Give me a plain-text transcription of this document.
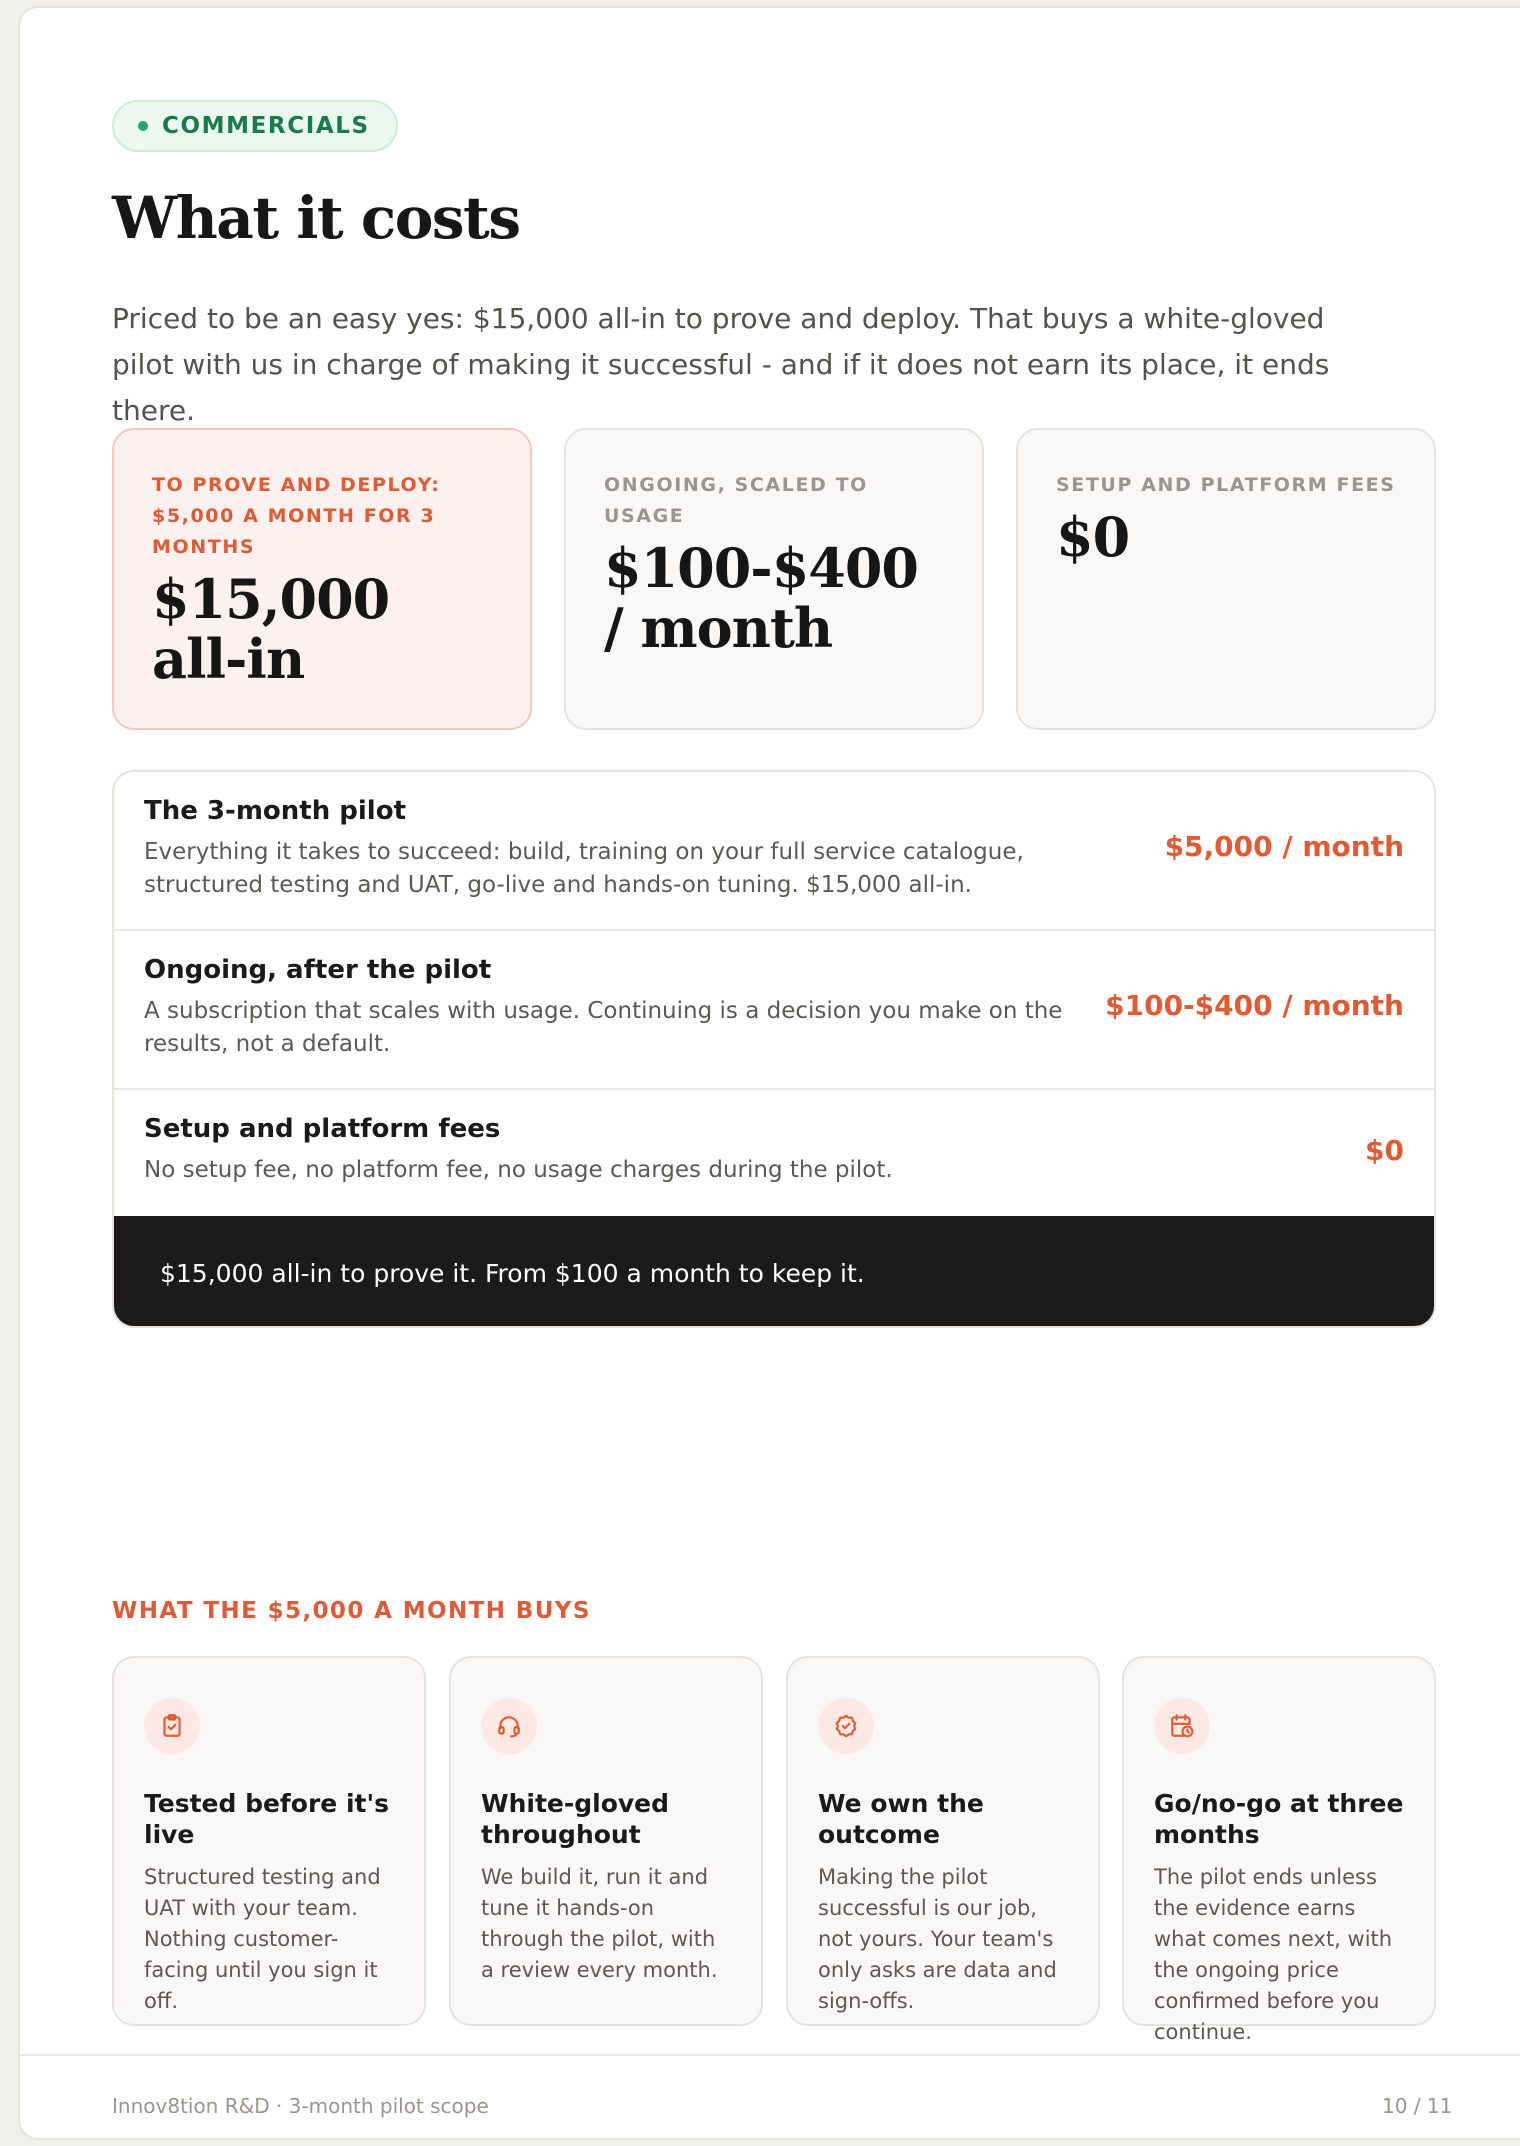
COMMERCIALS
What it costs

Priced to be an easy yes: $15,000 all-in to prove and deploy. That buys a white-gloved pilot with us in charge of making it successful - and if it does not earn its place, it ends there.

TO PROVE AND DEPLOY: $5,000 A MONTH FOR 3 MONTHS
$15,000 all-in
ONGOING, SCALED TO USAGE
$100-$400 / month
SETUP AND PLATFORM FEES
$0
The 3-month pilot
Everything it takes to succeed: build, training on your full service catalogue, structured testing and UAT, go-live and hands-on tuning. $15,000 all-in.
$5,000 / month
Ongoing, after the pilot
A subscription that scales with usage. Continuing is a decision you make on the results, not a default.
$100-$400 / month
Setup and platform fees
No setup fee, no platform fee, no usage charges during the pilot.
$0
$15,000 all-in to prove it. From $100 a month to keep it.
WHAT THE $5,000 A MONTH BUYS
Tested before it's live
Structured testing and UAT with your team. Nothing customer-facing until you sign it off.
White-gloved throughout
We build it, run it and tune it hands-on through the pilot, with a review every month.
We own the outcome
Making the pilot successful is our job, not yours. Your team's only asks are data and sign-offs.
Go/no-go at three months
The pilot ends unless the evidence earns what comes next, with the ongoing price confirmed before you continue.
Innov8tion R&D · 3-month pilot scope	10 / 11
